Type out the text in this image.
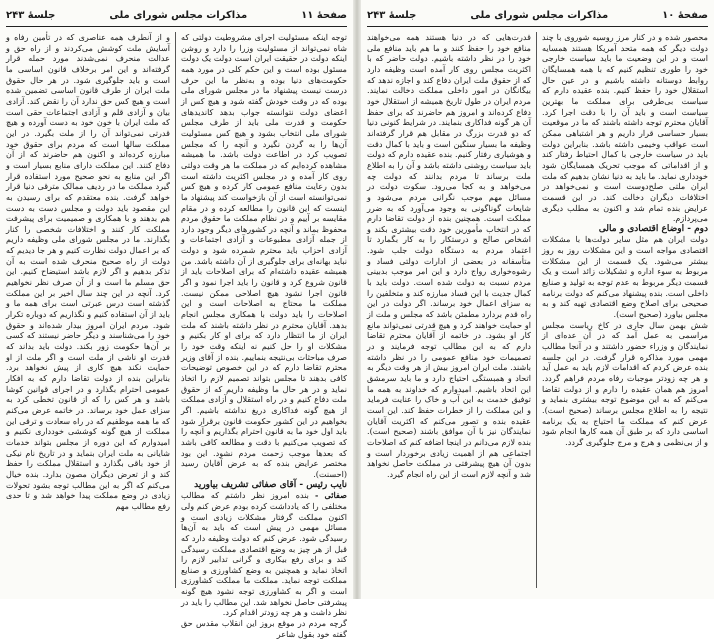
صفحهٔ ۱۱
مذاکرات مجلس شورای ملی
جلسهٔ ۲۴۳

توجه اینکه مسئولیت اجرای مشروطیت دولتی که شاه نمی‌تواند از مسئولیت وزرا را دارد و روشن اینکه دولت در حقیقت ایران است دولت یک دولت مسئول بوده است و این حکم کلی در مورد همه حکومت‌های دنیا بوده و به‌نظر ما این حرف درست نیست پیشنهاد ما در مجلس شورای ملی بوده که در وقت خودش گفته شود و هیچ کس از اعضای دولت نتوانسته جواب بدهد کاندیدهای حکومت و قدرت ملی باید از طرف مجلس شورای ملی انتخاب بشود و هیچ کس مسئولیت آن‌ها را به گردن نگیرد و آنچه را که مجلس تصویب کرد در اطاعت دولت باشد. ما همیشه مشاهده کرده‌ایم که در مملکت ما هر وقت دولتی روی کار آمده و در مجلس اکثریت داشته است بدون رعایت منافع عمومی کار کرده و هیچ کس نمی‌توانسته است از آن بازخواست کند پیشنهاد ما اینست که این قانون را مطالعه کرده و در مقام مقایسه بر آییم و در نظام مملکت ما حقوق مردم محفوظ بماند و آنچه در کشورهای دیگر وجود دارد از جمله آزادی مطبوعات و آزادی اجتماعات و آزادی احزاب باید محترم شمرده شود و دولت نباید بهانه‌ای برای جلوگیری از آن داشته باشد. من همیشه عقیده داشته‌ام که برای اصلاحات باید از قانون شروع کرد و قانون را باید اجرا نمود و اگر قانون اجرا نشود هیچ اصلاحی ممکن نیست. مملکت ما محتاج به اصلاحات است و این اصلاحات را باید دولت با همکاری مجلس انجام بدهد. آقایان محترم در نظر داشته باشند که ملت ایران از ما انتظار دارد که برای او کار بکنیم و مشکلات او را حل کنیم نه اینکه وقت خود را صرف مباحثات بی‌نتیجه بنماییم. بنده از آقای وزیر محترم تقاضا دارم که در این خصوص توضیحات کافی بدهند تا مجلس بتواند تصمیم لازم را اتخاذ نماید و در هر حال ما وظیفه داریم که از حقوق ملت دفاع کنیم و در راه استقلال و آزادی مملکت از هیچ گونه فداکاری دریغ نداشته باشیم. اگر بخواهیم در این کشور حکومت قانون برقرار شود باید اول خود ما به قانون احترام بگذاریم و آنچه را که تصویب می‌کنیم با دقت و مطالعه کافی باشد که بعدها موجب زحمت مردم نشود. این بود مختصر عرایض بنده که به عرض آقایان رسید (احسنت).

نایب رئیس - آقای صفائی تشریف بیاورید

صفائی - بنده امروز نظر داشتم که مطالب مختلفی را که یادداشت کرده بودم عرض کنم ولی اکنون مملکت گرفتار مشکلات زیادی است و مسائل مهمی در پیش است که باید به آن‌ها رسیدگی شود. عرض کنم که دولت وظیفه دارد که قبل از هر چیز به وضع اقتصادی مملکت رسیدگی کند و برای رفع بیکاری و گرانی تدابیر لازم را اتخاذ نماید و همچنین به وضع کشاورزی و صنایع مملکت توجه نماید. مملکت ما مملکت کشاورزی است و اگر به کشاورزی توجه نشود هیچ گونه پیشرفتی حاصل نخواهد شد. این مطالب را باید در نظر داشت و هر چه زودتر اقدام کرد.

گرچه مردم در موقع بروز این انقلاب مقدس حق گفته خود بقول شاعر

و از آنطرف همه عناصری که در تأمین رفاه و آسایش ملت کوشش می‌کردند و از راه حق و عدالت منحرف نمی‌شدند مورد حمله قرار گرفته‌اند و این امر برخلاف قانون اساسی ما است و باید جلوگیری شود. در هر حال حقوق ملت ایران از طرف قانون اساسی تضمین شده است و هیچ کس حق ندارد آن را نقض کند. آزادی بیان و آزادی قلم و آزادی اجتماعات حقی است که ملت ایران با خون خود به دست آورده و هیچ قدرتی نمی‌تواند آن را از ملت بگیرد. در این مملکت سالها است که مردم برای حقوق خود مبارزه کرده‌اند و اکنون هم حاضرند که از آن دفاع کنند. این مملکت دارای منابع بسیار است و اگر این منابع به نحو صحیح مورد استفاده قرار گیرد مملکت ما در ردیف ممالک مترقی دنیا قرار خواهد گرفت. بنده معتقدم که برای رسیدن به این مقصود باید دولت و مجلس دست به دست هم بدهند و با همکاری و صمیمیت برای پیشرفت مملکت کار کنند و اختلافات شخصی را کنار بگذارند. ما در مجلس شورای ملی وظیفه داریم که بر اعمال دولت نظارت کنیم و هر جا دیدیم که دولت از راه صحیح منحرف شده است به آن تذکر بدهیم و اگر لازم باشد استیضاح کنیم. این حق مسلم ما است و از آن صرف نظر نخواهیم کرد. آنچه در این چند سال اخیر بر این مملکت گذشته است درس عبرتی است برای همه ما و باید از آن استفاده کنیم و نگذاریم که دوباره تکرار شود. مردم ایران امروز بیدار شده‌اند و حقوق خود را می‌شناسند و دیگر حاضر نیستند که کسی بر آن‌ها حکومت زور بکند. دولت باید بداند که قدرت او ناشی از ملت است و اگر ملت از او حمایت نکند هیچ کاری از پیش نخواهد برد. بنابراین بنده از دولت تقاضا دارم که به افکار عمومی احترام بگذارد و در اجرای قوانین کوشا باشد و هر کس را که از قانون تخطی کرد به سزای عمل خود برساند. در خاتمه عرض می‌کنم که ما همه موظفیم که در راه سعادت و ترقی این مملکت از هیچ گونه کوششی خودداری نکنیم و امیدوارم که این دوره از مجلس بتواند خدمات شایانی به ملت ایران بنماید و در تاریخ نام نیکی از خود باقی بگذارد و استقلال مملکت را حفظ کند و از تعرض دیگران مصون بدارد. بنده خیال می‌کنم که اگر به این مطالب توجه بشود تحولات زیادی در وضع مملکت پیدا خواهد شد و تا حدی رفع مطالب مهم

صفحهٔ ۱۰
مذاکرات مجلس شورای ملی
جلسهٔ ۲۴۳

محصور شده و در کنار مرز روسیه شوروی با چند دولت دیگر که همه متحد آمریکا هستند همسایه است و در این وضعیت ما باید سیاست خارجی خود را طوری تنظیم کنیم که با همه همسایگان روابط دوستانه داشته باشیم و در عین حال استقلال خود را حفظ کنیم. بنده عقیده دارم که سیاست بی‌طرفی برای مملکت ما بهترین سیاست است و باید آن را با دقت اجرا کرد. آقایان محترم توجه داشته باشند که ما در موقعیت بسیار حساسی قرار داریم و هر اشتباهی ممکن است عواقب وخیمی داشته باشد. بنابراین دولت باید در سیاست خارجی با کمال احتیاط رفتار کند و از اقداماتی که موجب تحریک همسایگان شود خودداری نماید. ما باید به دنیا نشان بدهیم که ملت ایران ملتی صلح‌دوست است و نمی‌خواهد در اختلافات دیگران دخالت کند. در این قسمت عرایض بنده تمام شد و اکنون به مطلب دیگری می‌پردازم.

دوم - اوضاع اقتصادی و مالی

دولت ایران هم مثل سایر دولت‌ها با مشکلات اقتصادی مواجه است و این مشکلات روز به روز بیشتر می‌شود. یک قسمت از این مشکلات مربوط به سوء اداره و تشکیلات زائد است و یک قسمت دیگر مربوط به عدم توجه به تولید و صنایع داخلی است. بنده پیشنهاد می‌کنم که دولت برنامه صحیحی برای اصلاح وضع اقتصادی تهیه کند و به مجلس بیاورد (صحیح است).

شش بهمن سال جاری در کاخ ریاست مجلس مراسمی به عمل آمد که در آن عده‌ای از نمایندگان و وزراء حضور داشتند و در آنجا مطالب مهمی مورد مذاکره قرار گرفت. در این جلسه بنده عرض کردم که اقدامات لازم باید به عمل آید و هر چه زودتر موجبات رفاه مردم فراهم گردد. امروز هم همان عقیده را دارم و از دولت تقاضا می‌کنم که به این موضوع توجه بیشتری بنماید و نتیجه را به اطلاع مجلس برساند (صحیح است). عرض کنم که مملکت ما احتیاج به یک برنامه اساسی دارد که بر طبق آن همه کارها انجام شود و از بی‌نظمی و هرج و مرج جلوگیری گردد.

قدرت‌هایی که در دنیا هستند همه می‌خواهند منافع خود را حفظ کنند و ما هم باید منافع ملی خود را در نظر داشته باشیم. دولت حاضر که با اکثریت مجلس روی کار آمده است وظیفه دارد که از حقوق ملت ایران دفاع کند و اجازه ندهد که بیگانگان در امور داخلی مملکت دخالت نمایند. مردم ایران در طول تاریخ همیشه از استقلال خود دفاع کرده‌اند و امروز هم حاضرند که برای حفظ آن هر گونه فداکاری بنمایند. در شرایط کنونی دنیا که دو قدرت بزرگ در مقابل هم قرار گرفته‌اند وظیفه ما بسیار سنگین است و باید با کمال دقت و هوشیاری رفتار کنیم. بنده عقیده دارم که دولت باید سیاست روشنی داشته باشد و آن را به اطلاع ملت برساند تا مردم بدانند که دولت چه می‌خواهد و به کجا می‌رود. سکوت دولت در مسائل مهم موجب نگرانی مردم می‌شود و شایعات گوناگونی به وجود می‌آورد که به ضرر مملکت است. همچنین بنده از دولت تقاضا دارم که در انتخاب مأمورین خود دقت بیشتری بکند و اشخاص صالح و درستکار را به کار بگمارد تا اعتماد مردم به دستگاه دولت جلب شود. متأسفانه در بعضی از ادارات دولتی فساد و رشوه‌خواری رواج دارد و این امر موجب بدبینی مردم نسبت به دولت شده است. دولت باید با کمال جدیت با این فساد مبارزه کند و متخلفین را به سزای اعمال خود برساند. اگر دولت در این راه قدم بردارد مطمئن باشد که مجلس و ملت از او حمایت خواهند کرد و هیچ قدرتی نمی‌تواند مانع کار او بشود. در خاتمه از آقایان محترم تقاضا دارم که به این مطالب توجه فرمایند و در تصمیمات خود منافع عمومی را در نظر داشته باشند. ملت ایران امروز بیش از هر وقت دیگر به اتحاد و همبستگی احتیاج دارد و ما باید سرمشق این اتحاد باشیم. امیدوارم که خداوند به همه ما توفیق خدمت به این آب و خاک را عنایت فرماید و این مملکت را از خطرات حفظ کند. این است عقیده بنده و تصور می‌کنم که اکثریت آقایان نمایندگان نیز با آن موافق باشند (صحیح است). بنده لازم می‌دانم در اینجا اضافه کنم که اصلاحات اجتماعی هم از اهمیت زیادی برخوردار است و بدون آن هیچ پیشرفتی در مملکت حاصل نخواهد شد و آنچه لازم است از این راه انجام گیرد.
